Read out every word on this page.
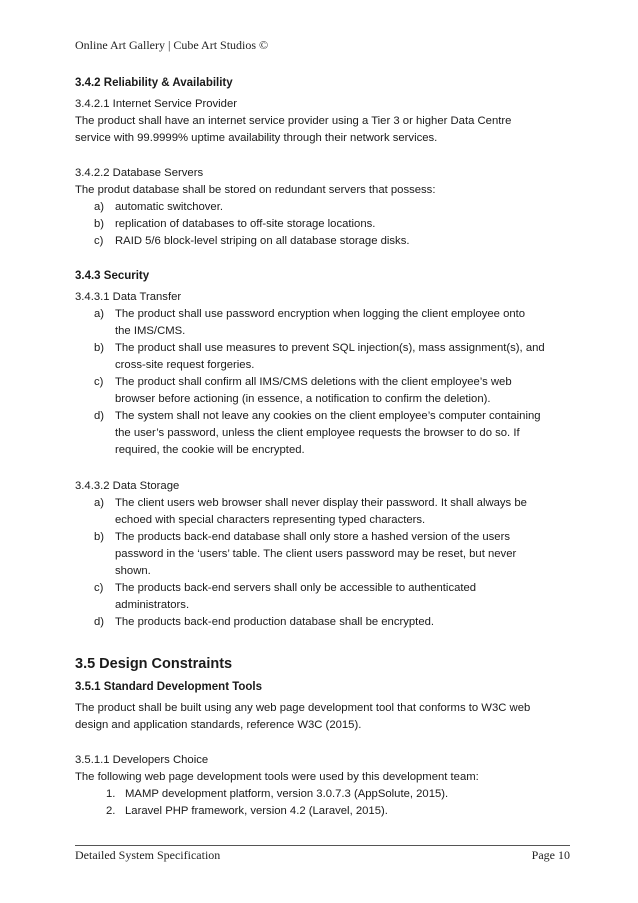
Online Art Gallery | Cube Art Studios ©
3.4.2 Reliability & Availability
3.4.2.1 Internet Service Provider
The product shall have an internet service provider using a Tier 3 or higher Data Centre
service with 99.9999% uptime availability through their network services.
3.4.2.2 Database Servers
The produt database shall be stored on redundant servers that possess:
a) automatic switchover.
b) replication of databases to off-site storage locations.
c) RAID 5/6 block-level striping on all database storage disks.
3.4.3 Security
3.4.3.1 Data Transfer
a) The product shall use password encryption when logging the client employee onto
the IMS/CMS.
b) The product shall use measures to prevent SQL injection(s), mass assignment(s), and
cross-site request forgeries.
c) The product shall confirm all IMS/CMS deletions with the client employee’s web
browser before actioning (in essence, a notification to confirm the deletion).
d) The system shall not leave any cookies on the client employee’s computer containing
the user’s password, unless the client employee requests the browser to do so. If
required, the cookie will be encrypted.
3.4.3.2 Data Storage
a) The client users web browser shall never display their password. It shall always be
echoed with special characters representing typed characters.
b) The products back-end database shall only store a hashed version of the users
password in the ‘users’ table. The client users password may be reset, but never
shown.
c) The products back-end servers shall only be accessible to authenticated
administrators.
d) The products back-end production database shall be encrypted.
3.5 Design Constraints
3.5.1 Standard Development Tools
The product shall be built using any web page development tool that conforms to W3C web
design and application standards, reference W3C (2015).
3.5.1.1 Developers Choice
The following web page development tools were used by this development team:
1. MAMP development platform, version 3.0.7.3 (AppSolute, 2015).
2. Laravel PHP framework, version 4.2 (Laravel, 2015).
Detailed System Specification	Page 10
